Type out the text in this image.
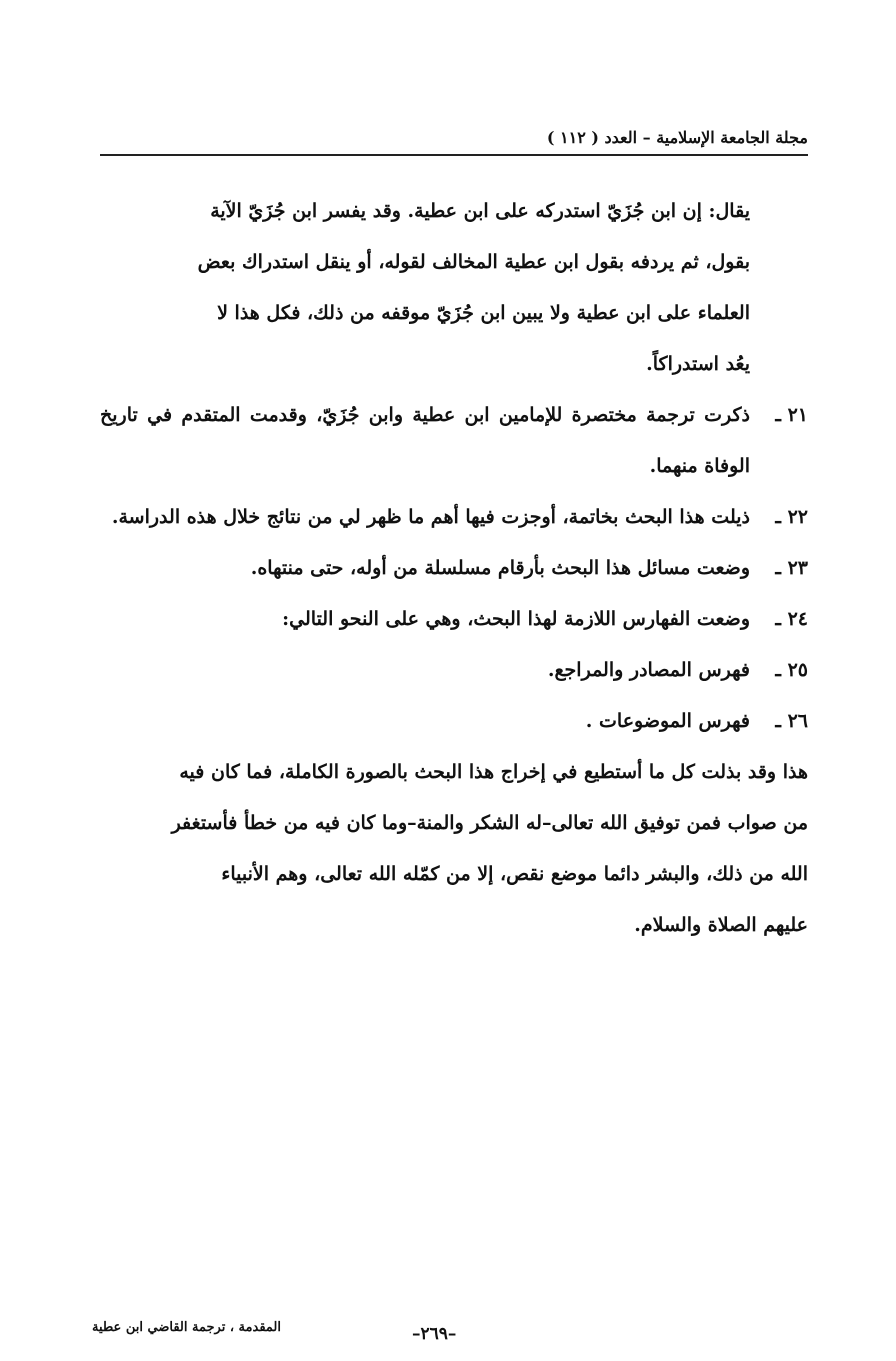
مجلة الجامعة الإسلامية – العدد ( ١١٢ )
يقال: إن ابن جُزَيّ استدركه على ابن عطية. وقد يفسر ابن جُزَيّ الآية
بقول، ثم يردفه بقول ابن عطية المخالف لقوله، أو ينقل استدراك بعض
العلماء على ابن عطية ولا يبين ابن جُزَيّ موقفه من ذلك، فكل هذا لا
يعُد استدراكاً.
٢١ ـ
ذكرت ترجمة مختصرة للإمامين ابن عطية وابن جُزَيّ، وقدمت المتقدم في تاريخ الوفاة منهما.
٢٢ ـ
ذيلت هذا البحث بخاتمة، أوجزت فيها أهم ما ظهر لي من نتائج خلال هذه الدراسة.
٢٣ ـ
وضعت مسائل هذا البحث بأرقام مسلسلة من أوله، حتى منتهاه.
٢٤ ـ
وضعت الفهارس اللازمة لهذا البحث، وهي على النحو التالي:
٢٥ ـ
فهرس المصادر والمراجع.
٢٦ ـ
فهرس الموضوعات .
هذا وقد بذلت كل ما أستطيع في إخراج هذا البحث بالصورة الكاملة، فما كان فيه
من صواب فمن توفيق الله تعالى–له الشكر والمنة–وما كان فيه من خطأ فأستغفر
الله من ذلك، والبشر دائما موضع نقص، إلا من كمّله الله تعالى، وهم الأنبياء
عليهم الصلاة والسلام.
–٢٦٩–
المقدمة ، ترجمة القاضي ابن عطية
